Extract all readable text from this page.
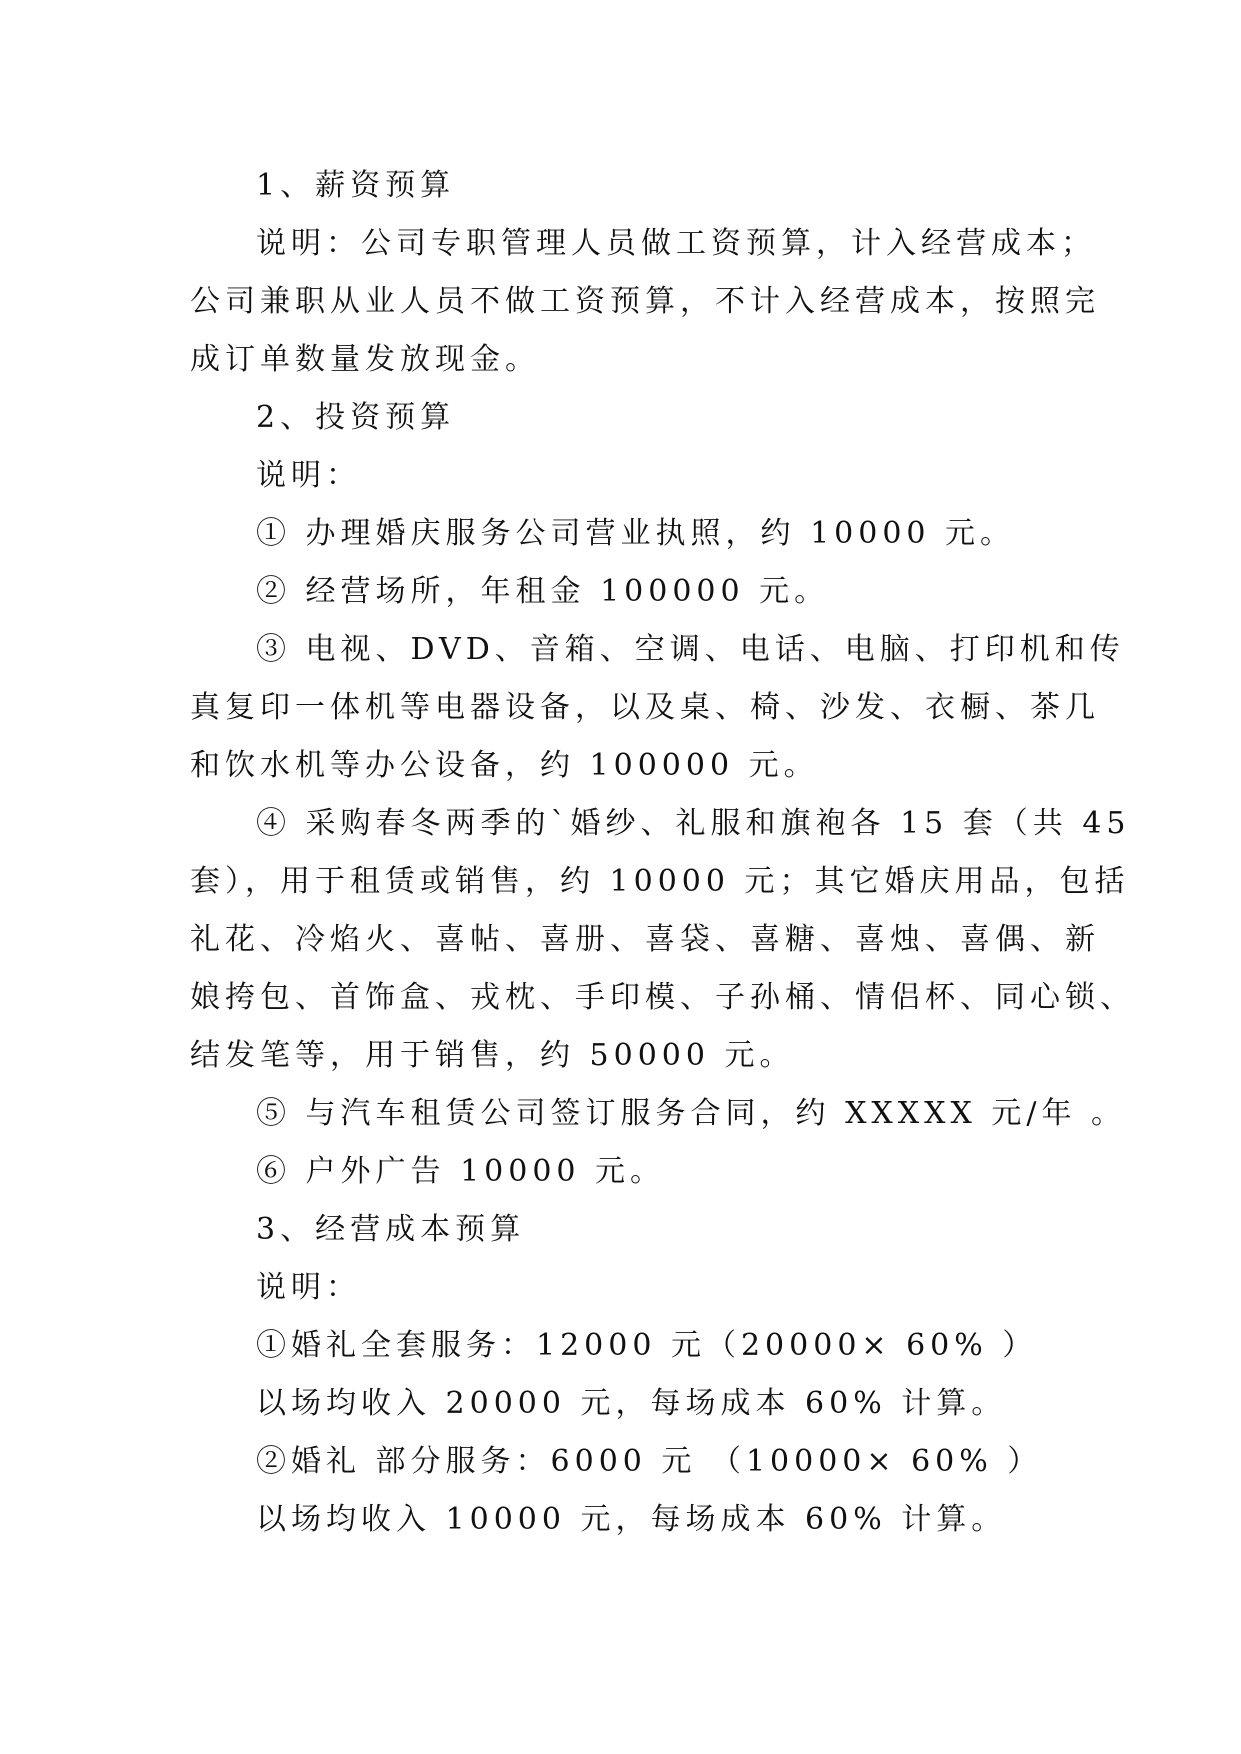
1、薪资预算

说明：公司专职管理人员做工资预算，计入经营成本；

公司兼职从业人员不做工资预算，不计入经营成本，按照完

成订单数量发放现金。

2、投资预算

说明：

① 办理婚庆服务公司营业执照，约 10000 元。

② 经营场所，年租金 100000 元。

③ 电视、DVD、音箱、空调、电话、电脑、打印机和传

真复印一体机等电器设备，以及桌、椅、沙发、衣橱、茶几

和饮水机等办公设备，约 100000 元。

④ 采购春冬两季的`婚纱、礼服和旗袍各 15 套（共 45

套），用于租赁或销售，约 10000 元；其它婚庆用品，包括

礼花、冷焰火、喜帖、喜册、喜袋、喜糖、喜烛、喜偶、新

娘挎包、首饰盒、戎枕、手印模、子孙桶、情侣杯、同心锁、

结发笔等，用于销售，约 50000 元。

⑤ 与汽车租赁公司签订服务合同，约 XXXXX 元/年 。

⑥ 户外广告 10000 元。

3、经营成本预算

说明：

①婚礼全套服务：12000 元（20000× 60% ）

以场均收入 20000 元，每场成本 60% 计算。

②婚礼 部分服务：6000 元 （10000× 60% ）

以场均收入 10000 元，每场成本 60% 计算。
